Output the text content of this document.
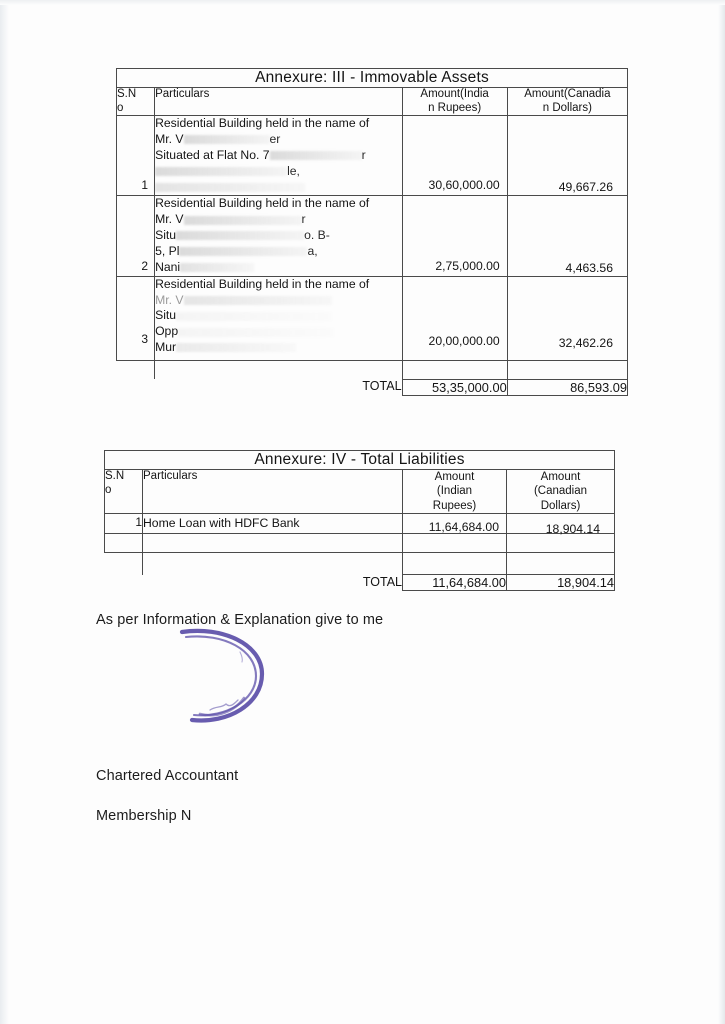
Annexure: III - Immovable Assets			
S.N
o	Particulars	Amount(India
n Rupees)	Amount(Canadia
n Dollars)

1	Residential Building held in the name of
Mr. V er
Situated at Flat No. 7 r
le,	30,60,000.00	49,667.26

2	Residential Building held in the name of
Mr. V r
Situ o. B-
5, Pl a,
Nani	2,75,000.00	4,463.56

3	Residential Building held in the name of
Mr. V
Situ
Opp
Mur	20,00,000.00	32,462.26

TOTAL		53,35,000.00	86,593.09
Annexure: IV - Total Liabilities			
S.N
o	Particulars	Amount
(Indian
Rupees)	Amount
(Canadian
Dollars)
1	Home Loan with HDFC Bank	11,64,684.00	18,904.14

TOTAL		11,64,684.00	18,904.14
As per Information & Explanation give to me
Chartered Accountant
Membership N
